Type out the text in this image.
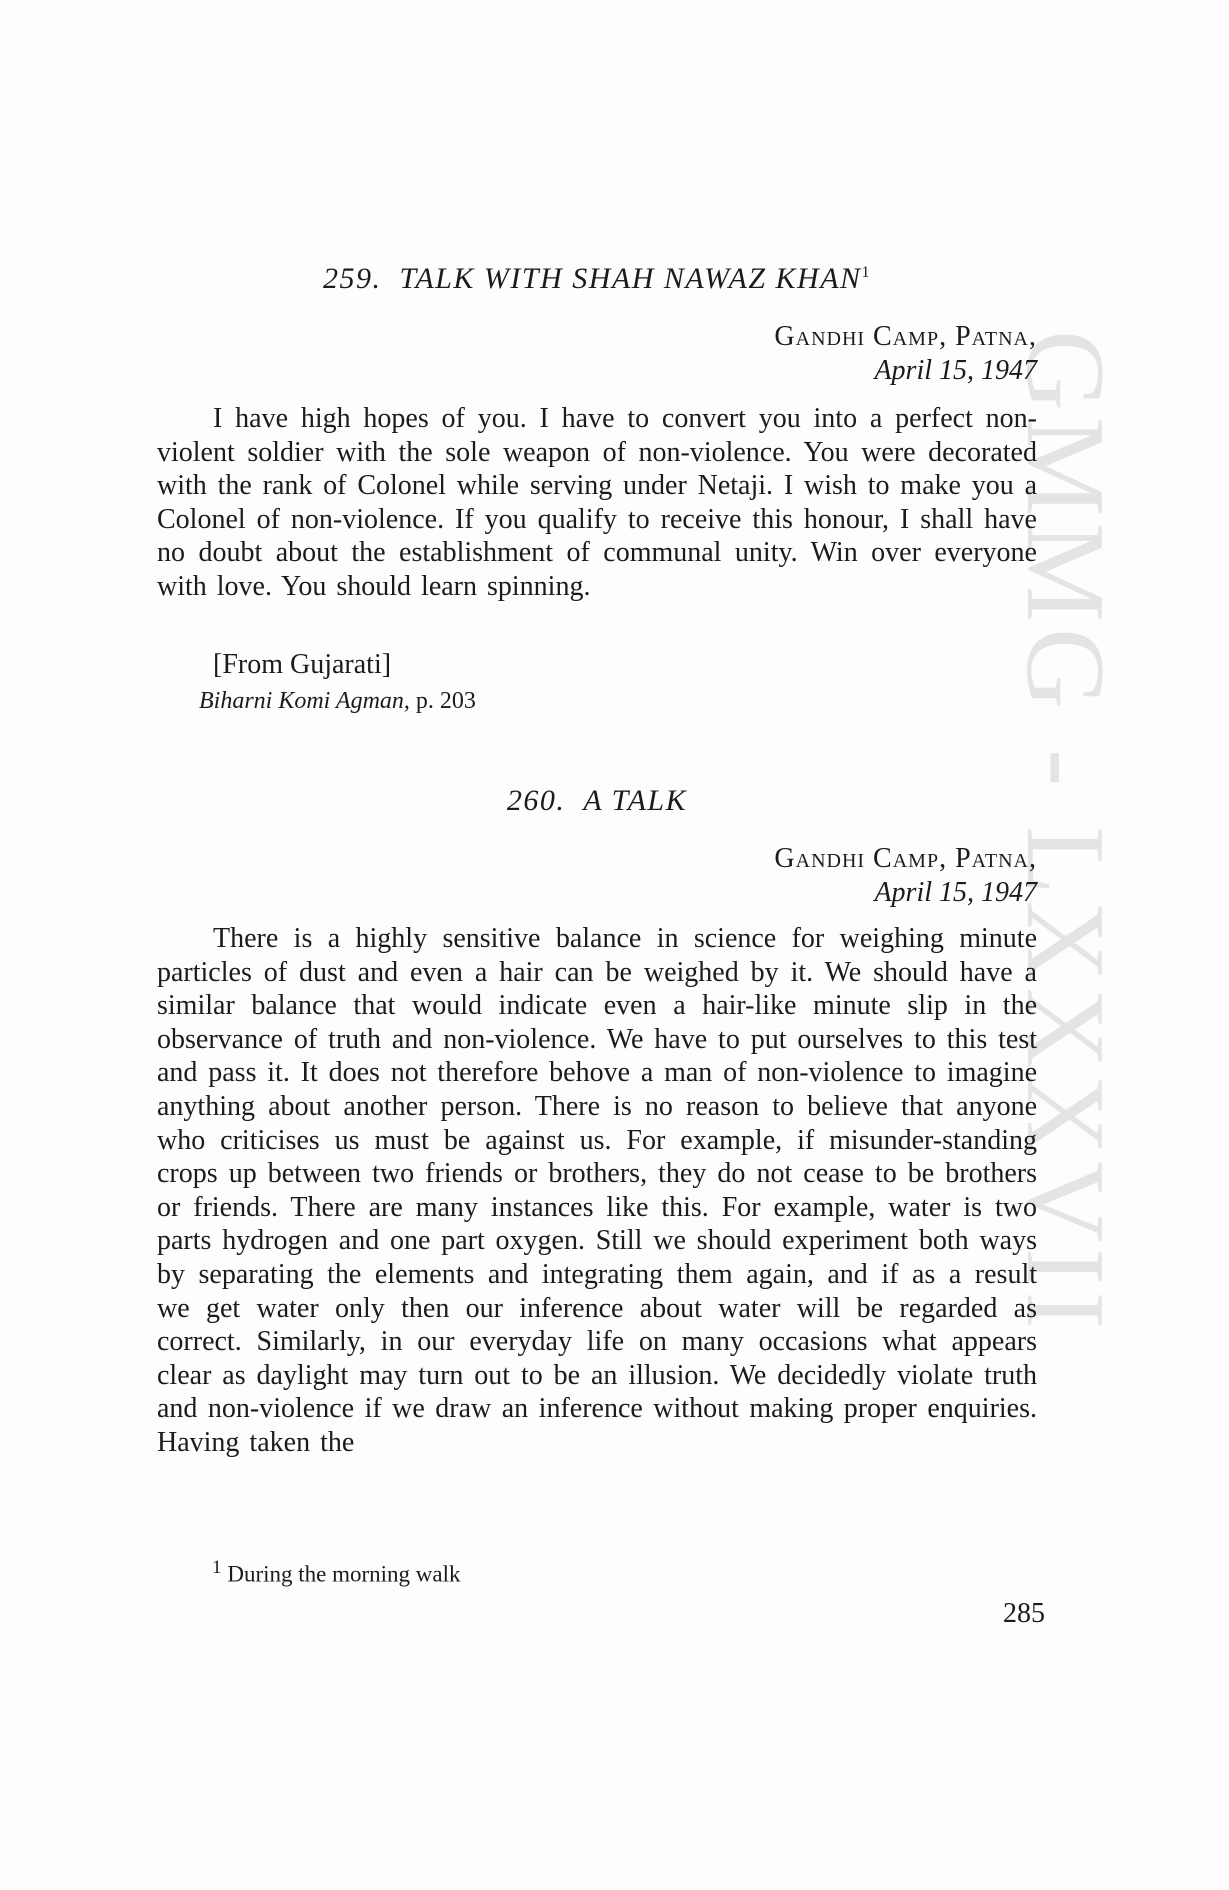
GMMG - LXXXVII

259. TALK WITH SHAH NAWAZ KHAN$^1$

Gandhi Camp, Patna,
April 15, 1947

I have high hopes of you. I have to convert you into a perfect non-violent soldier with the sole weapon of non-violence. You were decorated with the rank of Colonel while serving under Netaji. I wish to make you a Colonel of non-violence. If you qualify to receive this honour, I shall have no doubt about the establishment of communal unity. Win over everyone with love. You should learn spinning.

[From Gujarati]
Biharni Komi Agman, p. 203

260. A TALK

Gandhi Camp, Patna,
April 15, 1947

There is a highly sensitive balance in science for weighing minute particles of dust and even a hair can be weighed by it. We should have a similar balance that would indicate even a hair-like minute slip in the observance of truth and non-violence. We have to put ourselves to this test and pass it. It does not therefore behove a man of non-violence to imagine anything about another person. There is no reason to believe that anyone who criticises us must be against us. For example, if misunder-standing crops up between two friends or brothers, they do not cease to be brothers or friends. There are many instances like this. For example, water is two parts hydrogen and one part oxygen. Still we should experiment both ways by separating the elements and integrating them again, and if as a result we get water only then our inference about water will be regarded as correct. Similarly, in our everyday life on many occasions what appears clear as daylight may turn out to be an illusion. We decidedly violate truth and non-violence if we draw an inference without making proper enquiries. Having taken the

$^1$ During the morning walk
285
